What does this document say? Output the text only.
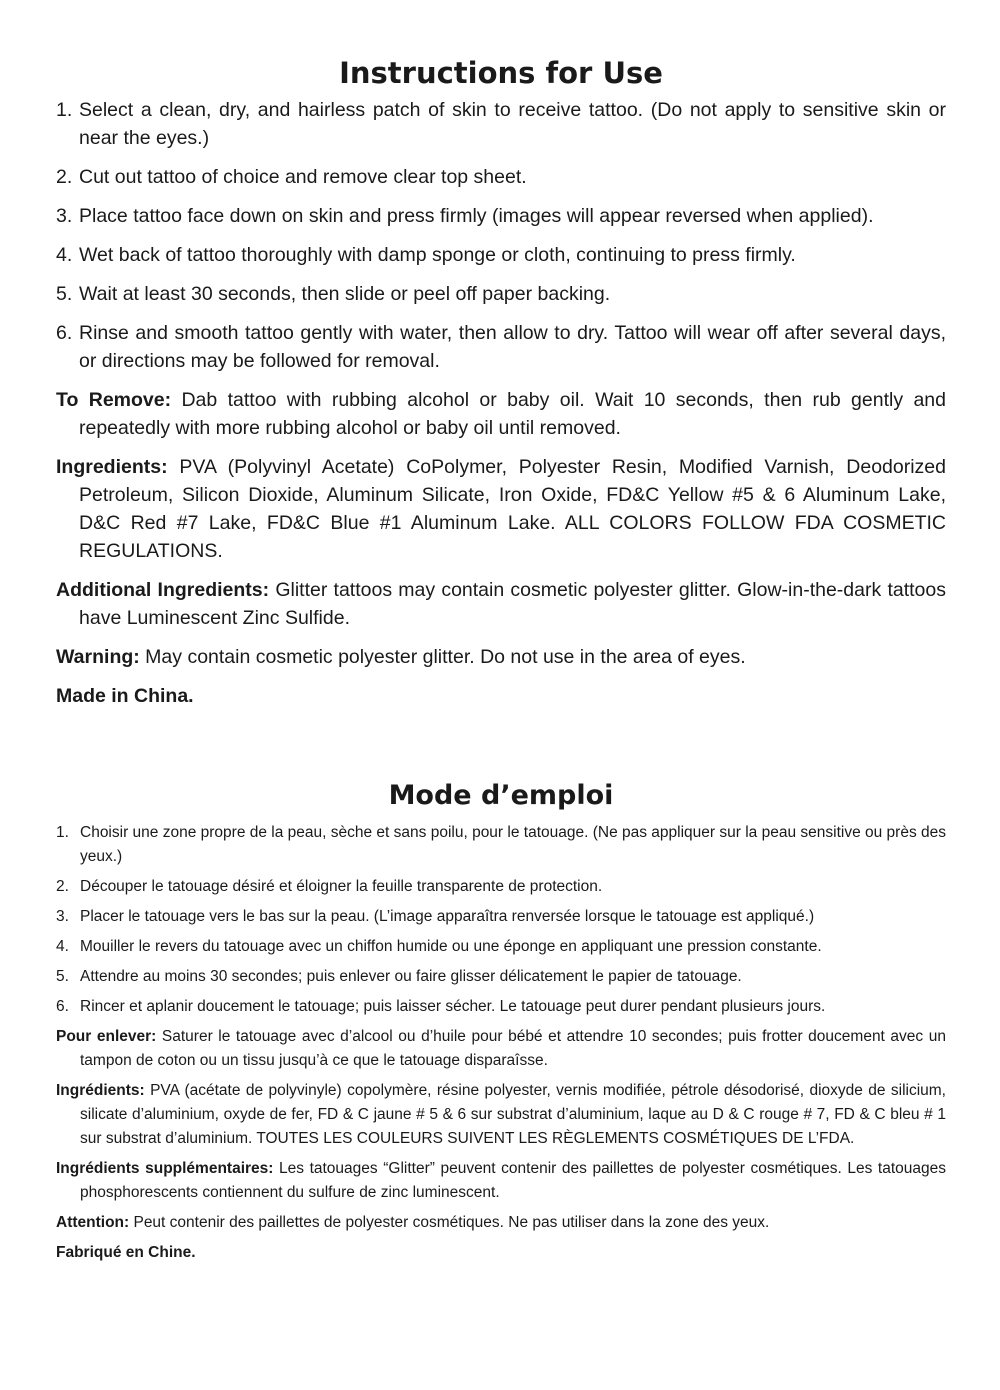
Instructions for Use
1. Select a clean, dry, and hairless patch of skin to receive tattoo. (Do not apply to sensitive skin or near the eyes.)
2. Cut out tattoo of choice and remove clear top sheet.
3. Place tattoo face down on skin and press firmly (images will appear reversed when applied).
4. Wet back of tattoo thoroughly with damp sponge or cloth, continuing to press firmly.
5. Wait at least 30 seconds, then slide or peel off paper backing.
6. Rinse and smooth tattoo gently with water, then allow to dry. Tattoo will wear off after several days, or directions may be followed for removal.
To Remove: Dab tattoo with rubbing alcohol or baby oil. Wait 10 seconds, then rub gently and repeatedly with more rubbing alcohol or baby oil until removed.
Ingredients: PVA (Polyvinyl Acetate) CoPolymer, Polyester Resin, Modified Varnish, Deodorized Petroleum, Silicon Dioxide, Aluminum Silicate, Iron Oxide, FD&C Yellow #5 & 6 Aluminum Lake, D&C Red #7 Lake, FD&C Blue #1 Aluminum Lake. ALL COLORS FOLLOW FDA COSMETIC REGULATIONS.
Additional Ingredients: Glitter tattoos may contain cosmetic polyester glitter. Glow-in-the-dark tattoos have Luminescent Zinc Sulfide.
Warning: May contain cosmetic polyester glitter. Do not use in the area of eyes.
Made in China.
Mode d’emploi
1. Choisir une zone propre de la peau, sèche et sans poilu, pour le tatouage. (Ne pas appliquer sur la peau sensitive ou près des yeux.)
2. Découper le tatouage désiré et éloigner la feuille transparente de protection.
3. Placer le tatouage vers le bas sur la peau. (L’image apparaîtra renversée lorsque le tatouage est appliqué.)
4. Mouiller le revers du tatouage avec un chiffon humide ou une éponge en appliquant une pression constante.
5. Attendre au moins 30 secondes; puis enlever ou faire glisser délicatement le papier de tatouage.
6. Rincer et aplanir doucement le tatouage; puis laisser sécher. Le tatouage peut durer pendant plusieurs jours.
Pour enlever: Saturer le tatouage avec d’alcool ou d’huile pour bébé et attendre 10 secondes; puis frotter doucement avec un tampon de coton ou un tissu jusqu’à ce que le tatouage disparaîsse.
Ingrédients: PVA (acétate de polyvinyle) copolymère, résine polyester, vernis modifiée, pétrole désodorisé, dioxyde de silicium, silicate d’aluminium, oxyde de fer, FD & C jaune # 5 & 6 sur substrat d’aluminium, laque au D & C rouge # 7, FD & C bleu # 1 sur substrat d’aluminium. TOUTES LES COULEURS SUIVENT LES RÈGLEMENTS COSMÉTIQUES DE L’FDA.
Ingrédients supplémentaires: Les tatouages “Glitter” peuvent contenir des paillettes de polyester cosmétiques. Les tatouages phosphorescents contiennent du sulfure de zinc luminescent.
Attention: Peut contenir des paillettes de polyester cosmétiques. Ne pas utiliser dans la zone des yeux.
Fabriqué en Chine.
